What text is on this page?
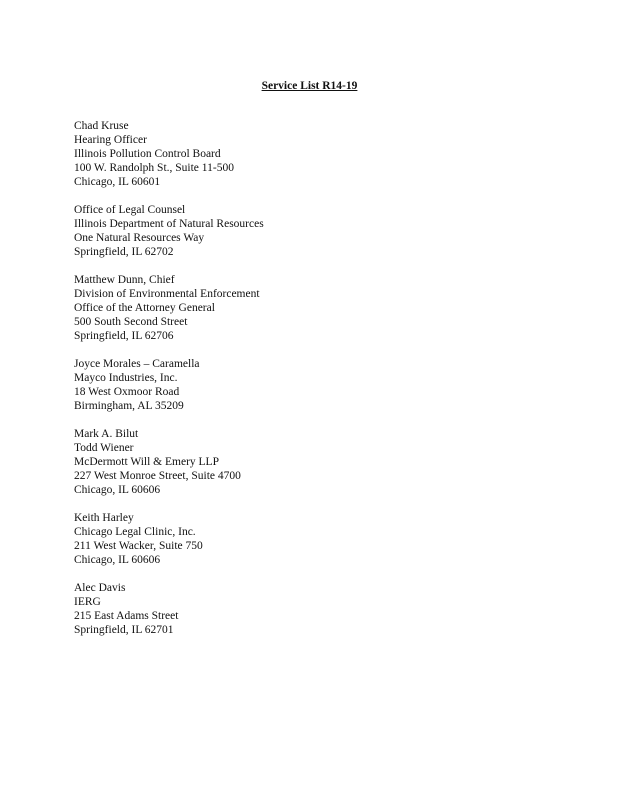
Service List R14-19
Chad Kruse
Hearing Officer
Illinois Pollution Control Board
100 W. Randolph St., Suite 11-500
Chicago, IL 60601
Office of Legal Counsel
Illinois Department of Natural Resources
One Natural Resources Way
Springfield, IL 62702
Matthew Dunn, Chief
Division of Environmental Enforcement
Office of the Attorney General
500 South Second Street
Springfield, IL 62706
Joyce Morales – Caramella
Mayco Industries, Inc.
18 West Oxmoor Road
Birmingham, AL 35209
Mark A. Bilut
Todd Wiener
McDermott Will & Emery LLP
227 West Monroe Street, Suite 4700
Chicago, IL 60606
Keith Harley
Chicago Legal Clinic, Inc.
211 West Wacker, Suite 750
Chicago, IL 60606
Alec Davis
IERG
215 East Adams Street
Springfield, IL 62701
